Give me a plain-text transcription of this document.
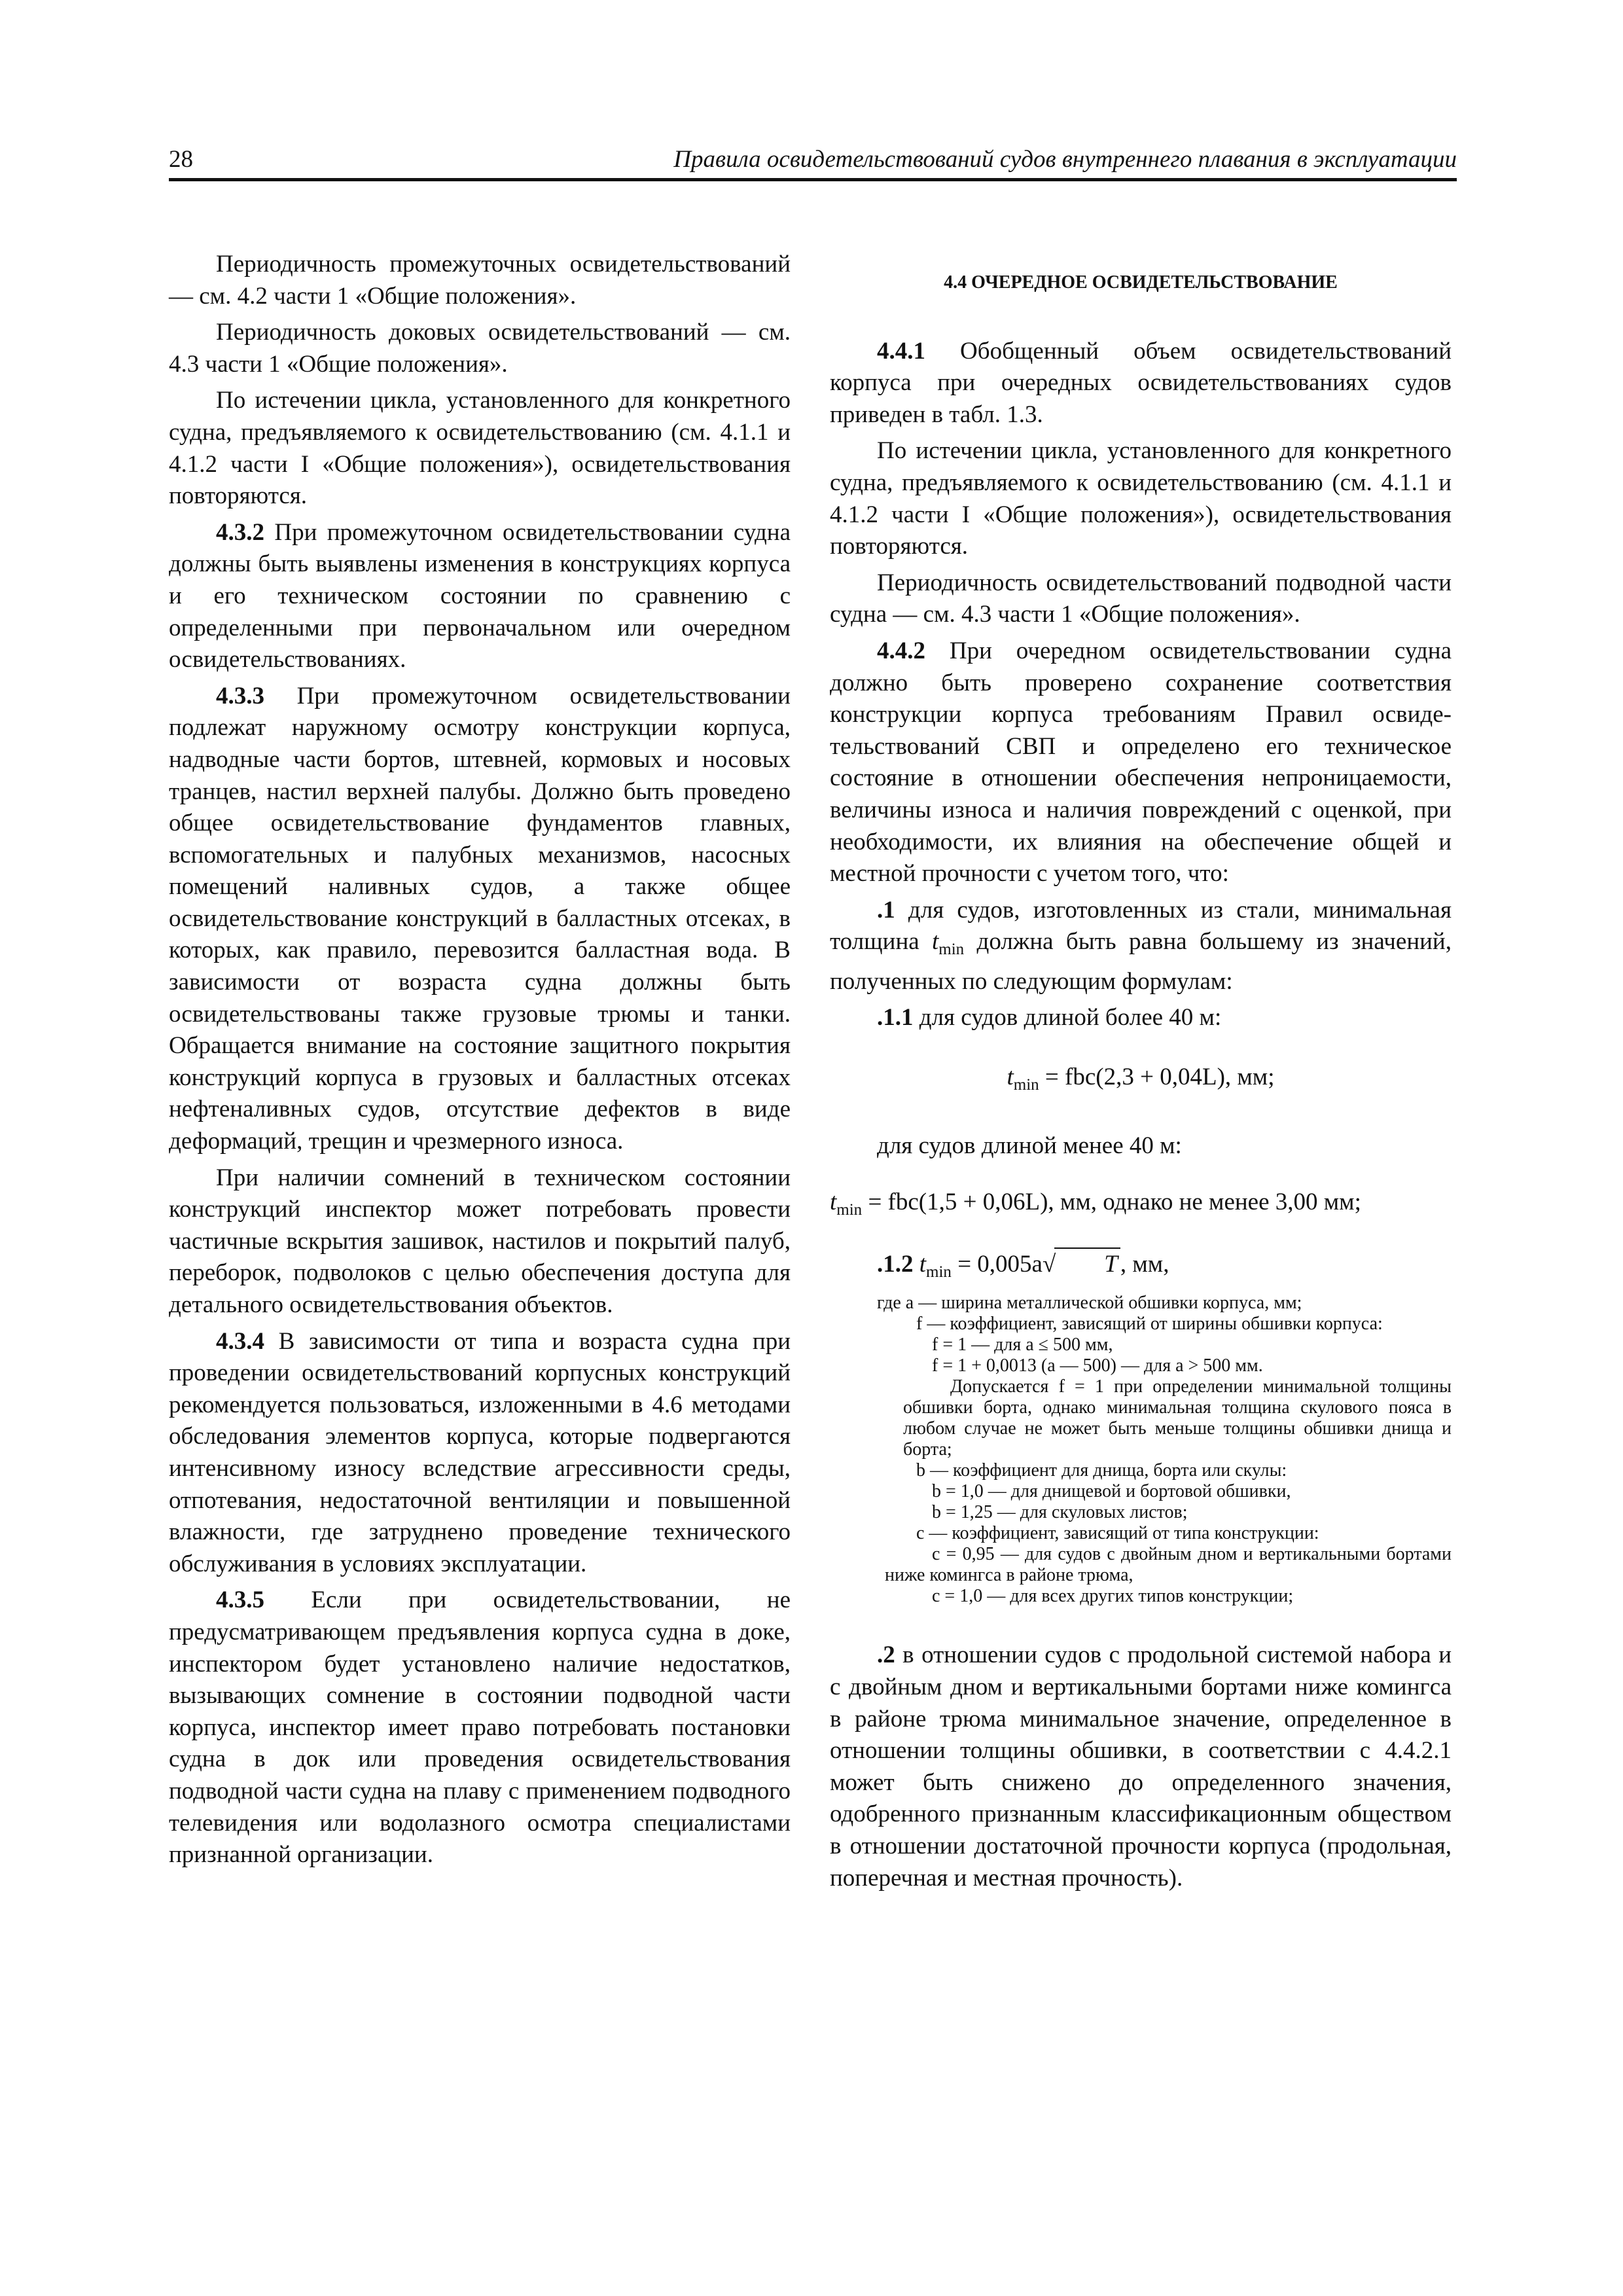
28	Правила освидетельствований судов внутреннего плавания в эксплуатации

Периодичность промежуточных освидетельствований — см. 4.2 части 1 «Общие положения».

Периодичность доковых освидетельствований — см. 4.3 части 1 «Общие положения».

По истечении цикла, установленного для конкретного судна, предъявляемого к освидетельствованию (см. 4.1.1 и 4.1.2 части I «Общие положения»), освидетельствования повторяются.

4.3.2 При промежуточном освидетельствовании судна должны быть выявлены изменения в конструкциях корпуса и его техническом состоянии по сравнению с определенными при первоначальном или очередном освидетельствованиях.

4.3.3 При промежуточном освидетельствовании подлежат наружному осмотру конструкции корпуса, надводные части бортов, штевней, кормовых и носовых транцев, настил верхней палубы. Должно быть проведено общее освидетельствование фундаментов главных, вспомогательных и палубных механизмов, насосных помещений наливных судов, а также общее освидетельствование конструкций в балластных отсеках, в которых, как правило, перевозится балластная вода. В зависимости от возраста судна должны быть освидетельствованы также грузовые трюмы и танки. Обращается внимание на состояние защитного покрытия конструкций корпуса в грузовых и балластных отсеках нефтеналивных судов, отсутствие дефектов в виде деформаций, трещин и чрезмерного износа.

При наличии сомнений в техническом состоянии конструкций инспектор может потребовать провести частичные вскрытия зашивок, настилов и покрытий палуб, переборок, подволоков с целью обеспечения доступа для детального освидетельствования объектов.

4.3.4 В зависимости от типа и возраста судна при проведении освидетельствований корпусных конструкций рекомендуется пользоваться, изложенными в 4.6 методами обследования элементов корпуса, которые подвергаются интенсивному износу вследствие агрессивности среды, отпотевания, недостаточной вентиляции и повышенной влажности, где затруднено проведение технического обслуживания в условиях эксплуатации.

4.3.5 Если при освидетельствовании, не предусматривающем предъявления корпуса судна в доке, инспектором будет установлено наличие недостатков, вызывающих сомнение в состоянии подводной части корпуса, инспектор имеет право потребовать постановки судна в док или проведения освидетельствования подводной части судна на плаву с применением подводного телевидения или водолазного осмотра специалистами признанной организации.

4.4 ОЧЕРЕДНОЕ ОСВИДЕТЕЛЬСТВОВАНИЕ

4.4.1 Обобщенный объем освидетельствований корпуса при очередных освидетельствованиях судов приведен в табл. 1.3.

По истечении цикла, установленного для конкретного судна, предъявляемого к освидетельствованию (см. 4.1.1 и 4.1.2 части I «Общие положения»), освидетельствования повторяются.

Периодичность освидетельствований подводной части судна — см. 4.3 части 1 «Общие положения».

4.4.2 При очередном освидетельствовании судна должно быть проверено сохранение соответствия конструкции корпуса требованиям Правил освидетельствований СВП и определено его техническое состояние в отношении обеспечения непроницаемости, величины износа и наличия повреждений с оценкой, при необходимости, их влияния на обеспечение общей и местной прочности с учетом того, что:

.1 для судов, изготовленных из стали, минимальная толщина $t_{min}$ должна быть равна большему из значений, полученных по следующим формулам:

.1.1 для судов длиной более 40 м:

$t_{min} = fbc(2,3 + 0,04L)$, мм;

для судов длиной менее 40 м:

$t_{min} = fbc(1,5 + 0,06L)$, мм, однако не менее 3,00 мм;

.1.2 $t_{min} = 0,005a√$ T , мм,

где a — ширина металлической обшивки корпуса, мм;

f — коэффициент, зависящий от ширины обшивки корпуса:

f = 1 — для a ≤ 500 мм,

f = 1 + 0,0013 (a — 500) — для a > 500 мм.

Допускается f = 1 при определении минимальной толщины обшивки борта, однако минимальная толщина скулового пояса в любом случае не может быть меньше толщины обшивки днища и борта;

b — коэффициент для днища, борта или скулы:

b = 1,0 — для днищевой и бортовой обшивки,

b = 1,25 — для скуловых листов;

c — коэффициент, зависящий от типа конструкции:

c = 0,95 — для судов с двойным дном и вертикальными бортами ниже комингса в районе трюма,

c = 1,0 — для всех других типов конструкции;

.2 в отношении судов с продольной системой набора и с двойным дном и вертикальными бортами ниже комингса в районе трюма минимальное значение, определенное в отношении толщины обшивки, в соответствии с 4.4.2.1 может быть снижено до определенного значения, одобренного признанным классификационным обществом в отношении достаточной прочности корпуса (продольная, поперечная и местная прочность).
